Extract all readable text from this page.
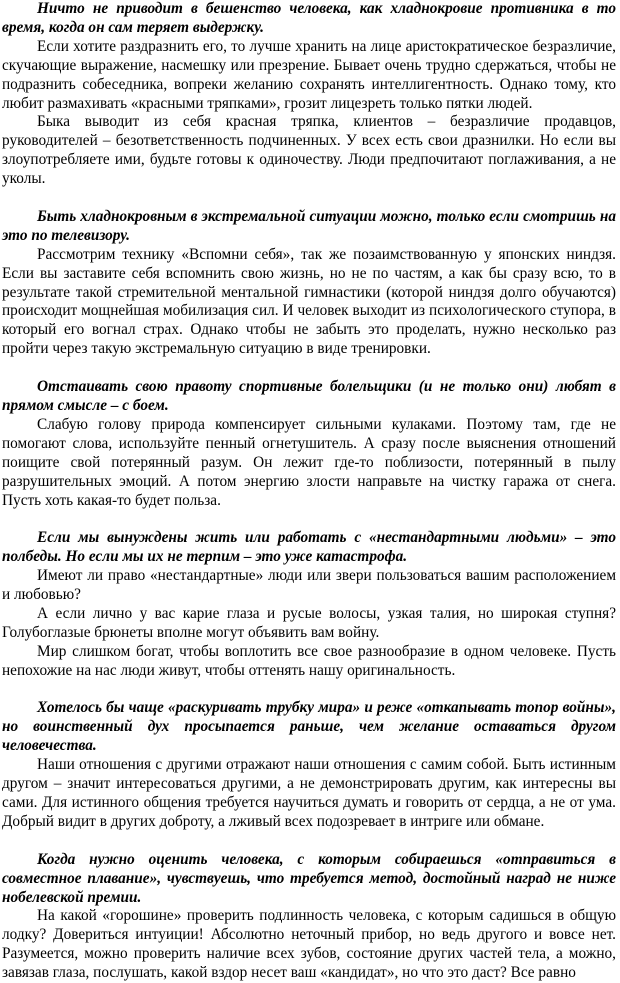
Ничто не приводит в бешенство человека, как хладнокровие противника в то время, когда он сам теряет выдержку.

Если хотите раздразнить его, то лучше хранить на лице аристократическое безразличие, скучающие выражение, насмешку или презрение. Бывает очень трудно сдержаться, чтобы не подразнить собеседника, вопреки желанию сохранять интеллигентность. Однако тому, кто любит размахивать «красными тряпками», грозит лицезреть только пятки людей.

Быка выводит из себя красная тряпка, клиентов – безразличие продавцов, руководителей – безответственность подчиненных. У всех есть свои дразнилки. Но если вы злоупотребляете ими, будьте готовы к одиночеству. Люди предпочитают поглаживания, а не уколы.

Быть хладнокровным в экстремальной ситуации можно, только если смотришь на это по телевизору.

Рассмотрим технику «Вспомни себя», так же позаимствованную у японских ниндзя. Если вы заставите себя вспомнить свою жизнь, но не по частям, а как бы сразу всю, то в результате такой стремительной ментальной гимнастики (которой ниндзя долго обучаются) происходит мощнейшая мобилизация сил. И человек выходит из психологического ступора, в который его вогнал страх. Однако чтобы не забыть это проделать, нужно несколько раз пройти через такую экстремальную ситуацию в виде тренировки.

Отстаивать свою правоту спортивные болельщики (и не только они) любят в прямом смысле – с боем.

Слабую голову природа компенсирует сильными кулаками. Поэтому там, где не помогают слова, используйте пенный огнетушитель. А сразу после выяснения отношений поищите свой потерянный разум. Он лежит где-то поблизости, потерянный в пылу разрушительных эмоций. А потом энергию злости направьте на чистку гаража от снега. Пусть хоть какая-то будет польза.

Если мы вынуждены жить или работать с «нестандартными людьми» – это полбеды. Но если мы их не терпим – это уже катастрофа.

Имеют ли право «нестандартные» люди или звери пользоваться вашим расположением и любовью?

А если лично у вас карие глаза и русые волосы, узкая талия, но широкая ступня? Голубоглазые брюнеты вполне могут объявить вам войну.

Мир слишком богат, чтобы воплотить все свое разнообразие в одном человеке. Пусть непохожие на нас люди живут, чтобы оттенять нашу оригинальность.

Хотелось бы чаще «раскуривать трубку мира» и реже «откапывать топор войны», но воинственный дух просыпается раньше, чем желание оставаться другом человечества.

Наши отношения с другими отражают наши отношения с самим собой. Быть истинным другом – значит интересоваться другими, а не демонстрировать другим, как интересны вы сами. Для истинного общения требуется научиться думать и говорить от сердца, а не от ума. Добрый видит в других доброту, а лживый всех подозревает в интриге или обмане.

Когда нужно оценить человека, с которым собираешься «отправиться в совместное плавание», чувствуешь, что требуется метод, достойный наград не ниже нобелевской премии.

На какой «горошине» проверить подлинность человека, с которым садишься в общую лодку? Довериться интуиции! Абсолютно неточный прибор, но ведь другого и вовсе нет. Разумеется, можно проверить наличие всех зубов, состояние других частей тела, а можно, завязав глаза, послушать, какой вздор несет ваш «кандидат», но что это даст? Все равно
